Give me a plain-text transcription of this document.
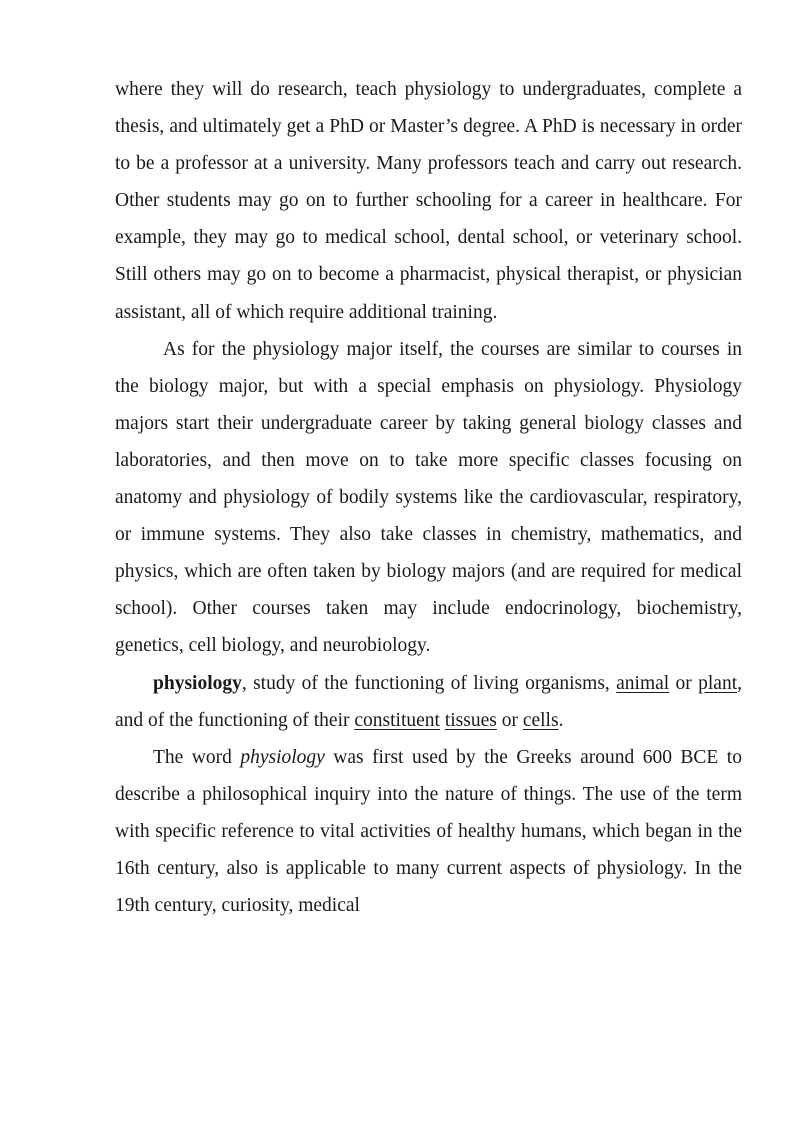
where they will do research, teach physiology to undergraduates, complete a thesis, and ultimately get a PhD or Master’s degree. A PhD is necessary in order to be a professor at a university. Many professors teach and carry out research. Other students may go on to further schooling for a career in healthcare. For example, they may go to medical school, dental school, or veterinary school. Still others may go on to become a pharmacist, physical therapist, or physician assistant, all of which require additional training.

As for the physiology major itself, the courses are similar to courses in the biology major, but with a special emphasis on physiology. Physiology majors start their undergraduate career by taking general biology classes and laboratories, and then move on to take more specific classes focusing on anatomy and physiology of bodily systems like the cardiovascular, respiratory, or immune systems. They also take classes in chemistry, mathematics, and physics, which are often taken by biology majors (and are required for medical school). Other courses taken may include endocrinology, biochemistry, genetics, cell biology, and neurobiology.

physiology, study of the functioning of living organisms, animal or plant, and of the functioning of their constituent tissues or cells.

The word physiology was first used by the Greeks around 600 BCE to describe a philosophical inquiry into the nature of things. The use of the term with specific reference to vital activities of healthy humans, which began in the 16th century, also is applicable to many current aspects of physiology. In the 19th century, curiosity, medical
